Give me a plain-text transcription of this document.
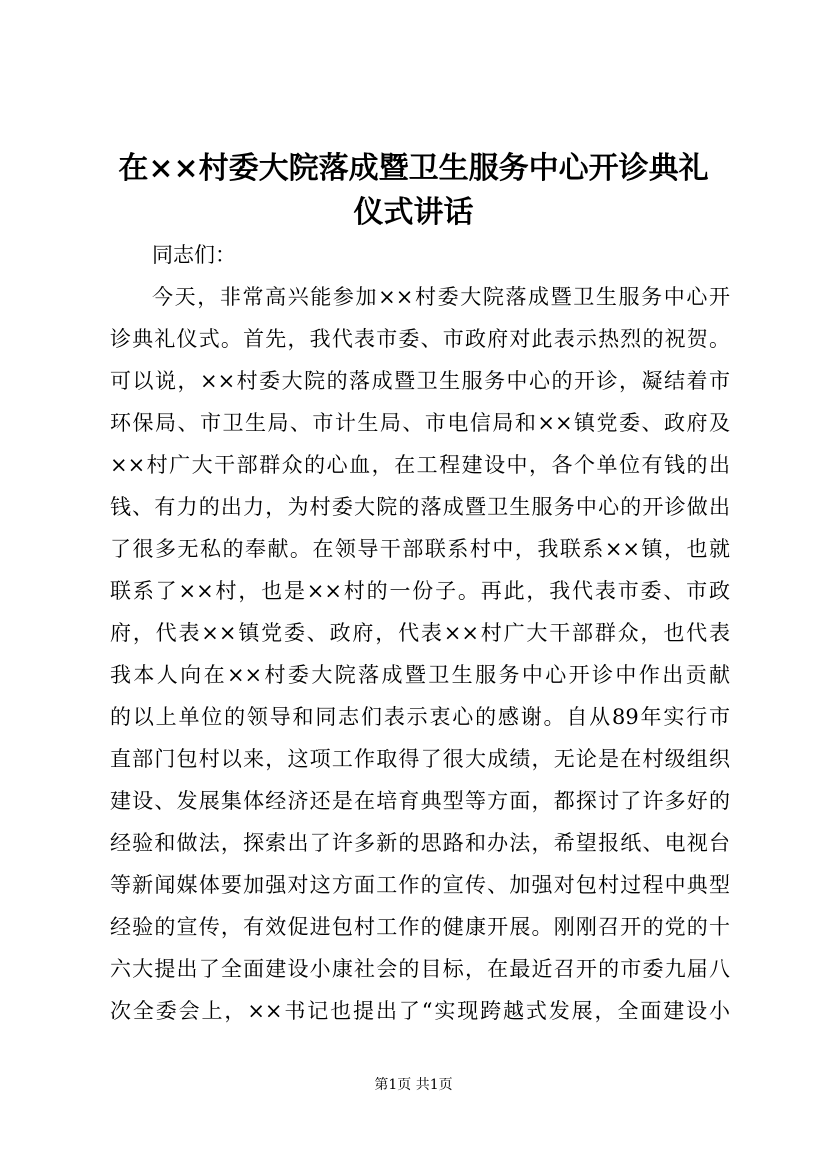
在××村委大院落成暨卫生服务中心开诊典礼
仪式讲话
同志们：
今天，非常高兴能参加××村委大院落成暨卫生服务中心开
诊典礼仪式。首先，我代表市委、市政府对此表示热烈的祝贺。
可以说，××村委大院的落成暨卫生服务中心的开诊，凝结着市
环保局、市卫生局、市计生局、市电信局和××镇党委、政府及
××村广大干部群众的心血，在工程建设中，各个单位有钱的出
钱、有力的出力，为村委大院的落成暨卫生服务中心的开诊做出
了很多无私的奉献。在领导干部联系村中，我联系××镇，也就
联系了××村，也是××村的一份子。再此，我代表市委、市政
府，代表××镇党委、政府，代表××村广大干部群众，也代表
我本人向在××村委大院落成暨卫生服务中心开诊中作出贡献
的以上单位的领导和同志们表示衷心的感谢。自从89年实行市
直部门包村以来，这项工作取得了很大成绩，无论是在村级组织
建设、发展集体经济还是在培育典型等方面，都探讨了许多好的
经验和做法，探索出了许多新的思路和办法，希望报纸、电视台
等新闻媒体要加强对这方面工作的宣传、加强对包村过程中典型
经验的宣传，有效促进包村工作的健康开展。刚刚召开的党的十
六大提出了全面建设小康社会的目标，在最近召开的市委九届八
次全委会上，××书记也提出了“实现跨越式发展，全面建设小
第1页 共1页
